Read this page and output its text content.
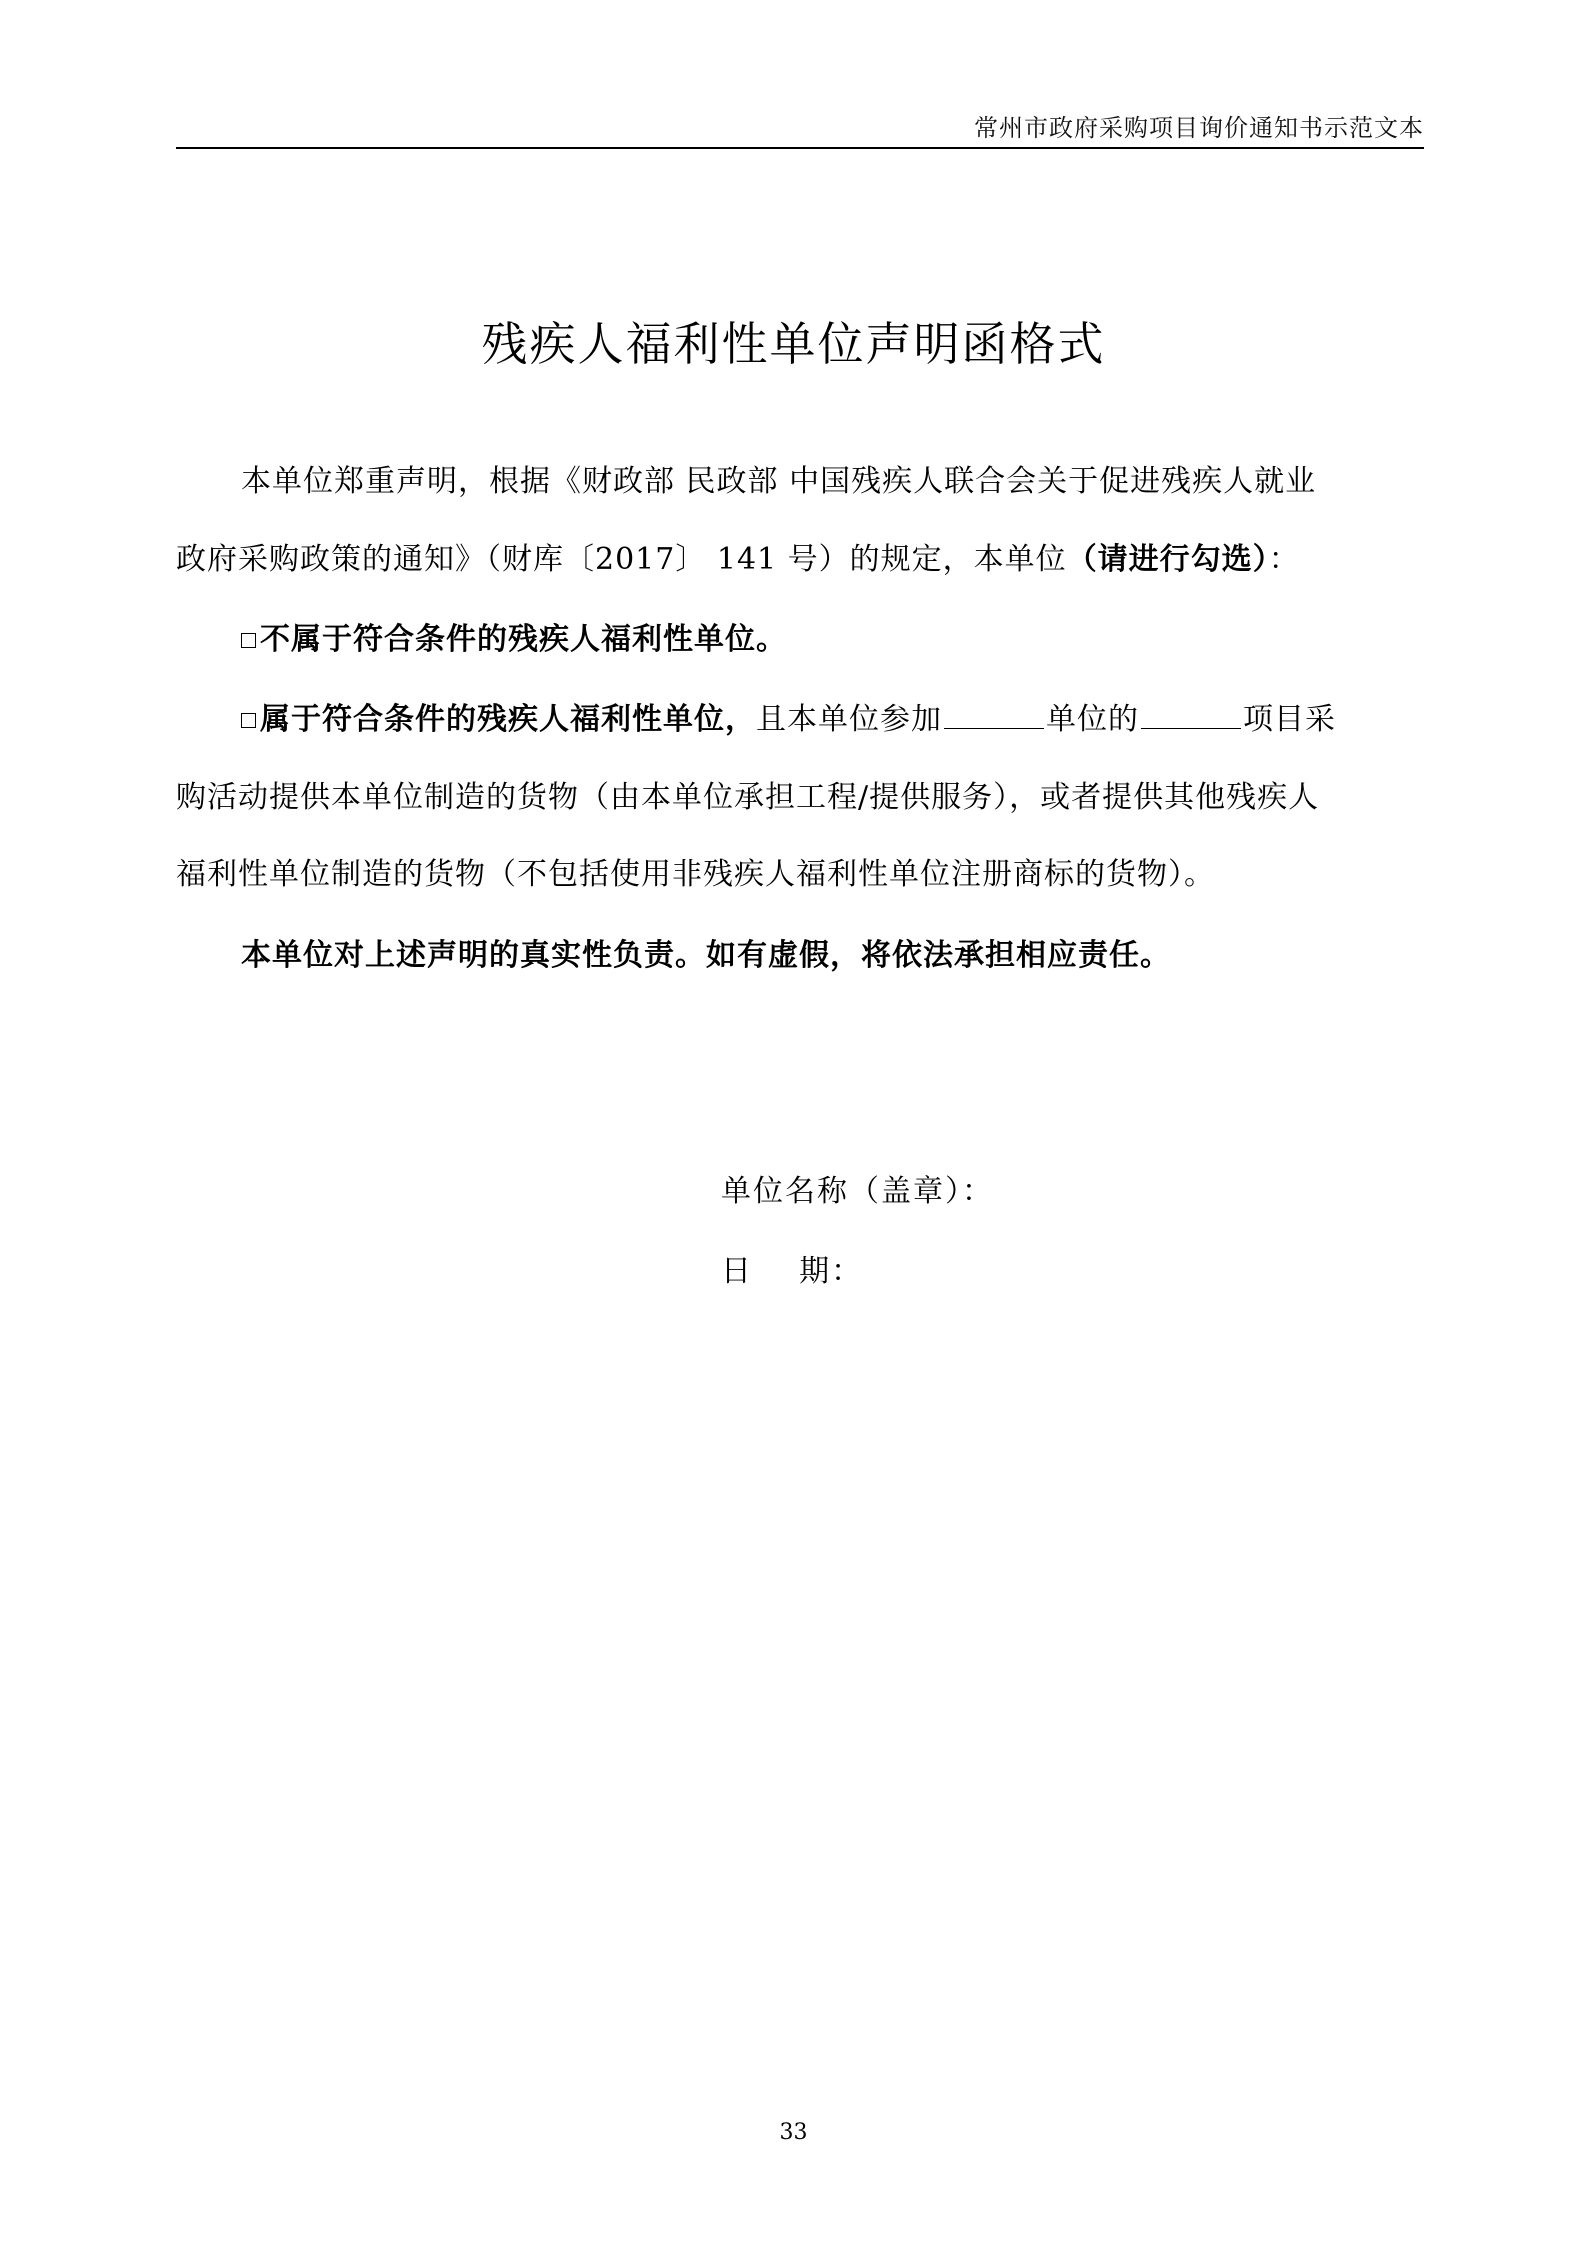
常州市政府采购项目询价通知书示范文本
残疾人福利性单位声明函格式
本单位郑重声明，根据《财政部 民政部 中国残疾人联合会关于促进残疾人就业
政府采购政策的通知》（财库〔2017〕 141 号）的规定，本单位（请进行勾选）：
不属于符合条件的残疾人福利性单位。
属于符合条件的残疾人福利性单位，且本单位参加	单位的	项目采
购活动提供本单位制造的货物（由本单位承担工程/提供服务），或者提供其他残疾人
福利性单位制造的货物（不包括使用非残疾人福利性单位注册商标的货物）。
本单位对上述声明的真实性负责。如有虚假，将依法承担相应责任。
单位名称（盖章）：
日    期：
33
